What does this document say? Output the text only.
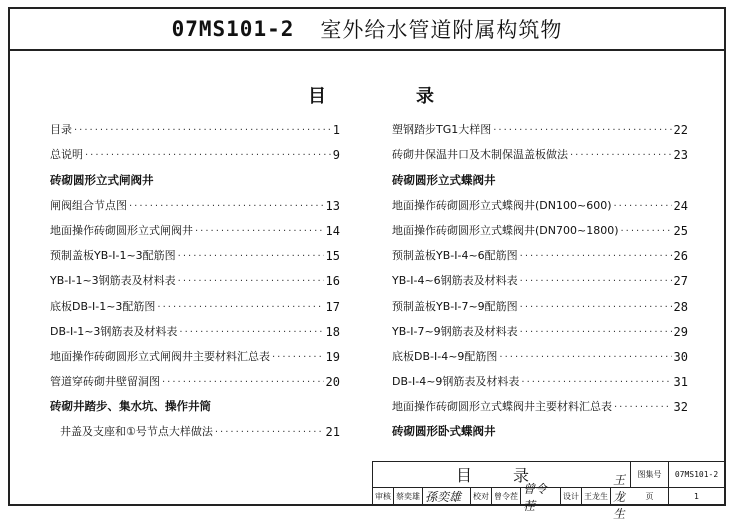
07MS101-2 室外给水管道附属构筑物
目	录
目录 ·····	1
总说明 ·····	9
砖砌圆形立式闸阀井
闸阀组合节点图 ·····	13
地面操作砖砌圆形立式闸阀井 ·····	14
预制盖板YB-Ⅰ-1~3配筋图 ·····	15
YB-Ⅰ-1~3钢筋表及材料表 ·····	16
底板DB-Ⅰ-1~3配筋图 ·····	17
DB-Ⅰ-1~3钢筋表及材料表 ·····	18
地面操作砖砌圆形立式闸阀井主要材料汇总表 ·····	19
管道穿砖砌井壁留洞图 ·····	20
砖砌井踏步、集水坑、操作井筒
井盖及支座和①号节点大样做法 ·····	21
塑钢踏步TG1大样图 ·····	22
砖砌井保温井口及木制保温盖板做法 ·····	23
砖砌圆形立式蝶阀井
地面操作砖砌圆形立式蝶阀井(DN100~600) ·····	24
地面操作砖砌圆形立式蝶阀井(DN700~1800) ·····	25
预制盖板YB-Ⅰ-4~6配筋图 ·····	26
YB-Ⅰ-4~6钢筋表及材料表 ·····	27
预制盖板YB-Ⅰ-7~9配筋图 ·····	28
YB-Ⅰ-7~9钢筋表及材料表 ·····	29
底板DB-Ⅰ-4~9配筋图 ·····	30
DB-Ⅰ-4~9钢筋表及材料表 ·····	31
地面操作砖砌圆形立式蝶阀井主要材料汇总表 ·····	32
砖砌圆形卧式蝶阀井
目 录	图集号	07MS101-2
页	1
审核 蔡奕雄 孫奕雄	校对 曾令茬
曾令茬
设计 王龙生
王龙生
